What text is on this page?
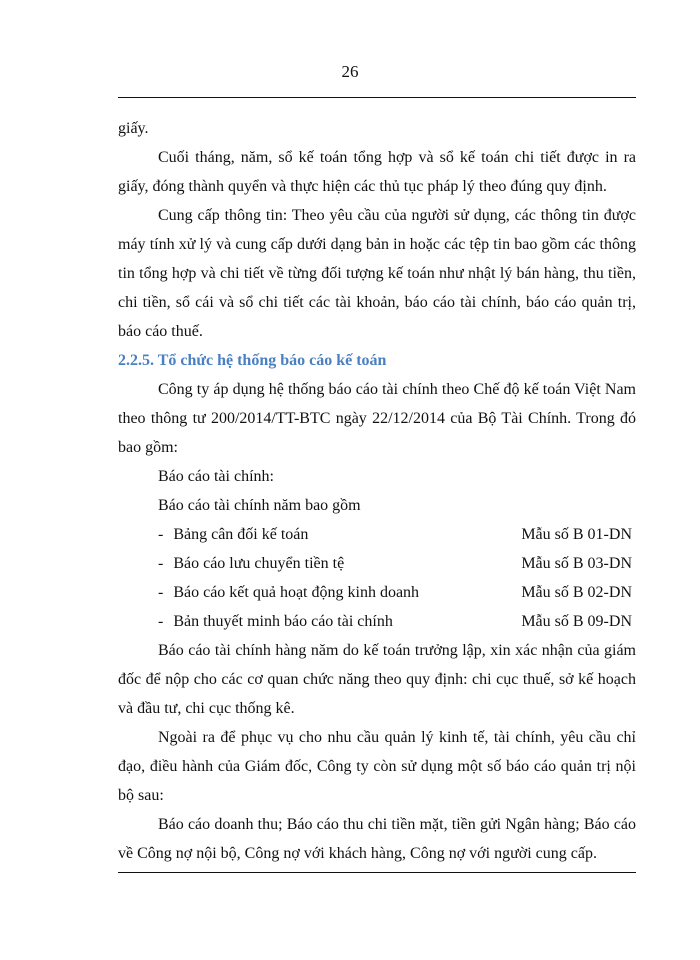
26

giấy.

Cuối tháng, năm, sổ kế toán tổng hợp và sổ kế toán chi tiết được in ra giấy, đóng thành quyển và thực hiện các thủ tục pháp lý theo đúng quy định.

Cung cấp thông tin: Theo yêu cầu của người sử dụng, các thông tin được máy tính xử lý và cung cấp dưới dạng bản in hoặc các tệp tin bao gồm các thông tin tổng hợp và chi tiết về từng đối tượng kế toán như nhật lý bán hàng, thu tiền, chi tiền, sổ cái và sổ chi tiết các tài khoản, báo cáo tài chính, báo cáo quản trị, báo cáo thuế.

2.2.5. Tổ chức hệ thống báo cáo kế toán

Công ty áp dụng hệ thống báo cáo tài chính theo Chế độ kế toán Việt Nam theo thông tư 200/2014/TT-BTC ngày 22/12/2014 của Bộ Tài Chính. Trong đó bao gồm:

Báo cáo tài chính:

Báo cáo tài chính năm bao gồm

- Bảng cân đối kế toán	Mẫu số B 01-DN
- Báo cáo lưu chuyển tiền tệ	Mẫu số B 03-DN
- Báo cáo kết quả hoạt động kinh doanh	Mẫu số B 02-DN
- Bản thuyết minh báo cáo tài chính	Mẫu số B 09-DN

Báo cáo tài chính hàng năm do kế toán trưởng lập, xin xác nhận của giám đốc để nộp cho các cơ quan chức năng theo quy định: chi cục thuế, sở kế hoạch và đầu tư, chi cục thống kê.

Ngoài ra để phục vụ cho nhu cầu quản lý kinh tế, tài chính, yêu cầu chỉ đạo, điều hành của Giám đốc, Công ty còn sử dụng một số báo cáo quản trị nội bộ sau:

Báo cáo doanh thu; Báo cáo thu chi tiền mặt, tiền gửi Ngân hàng; Báo cáo về Công nợ nội bộ, Công nợ với khách hàng, Công nợ với người cung cấp.
